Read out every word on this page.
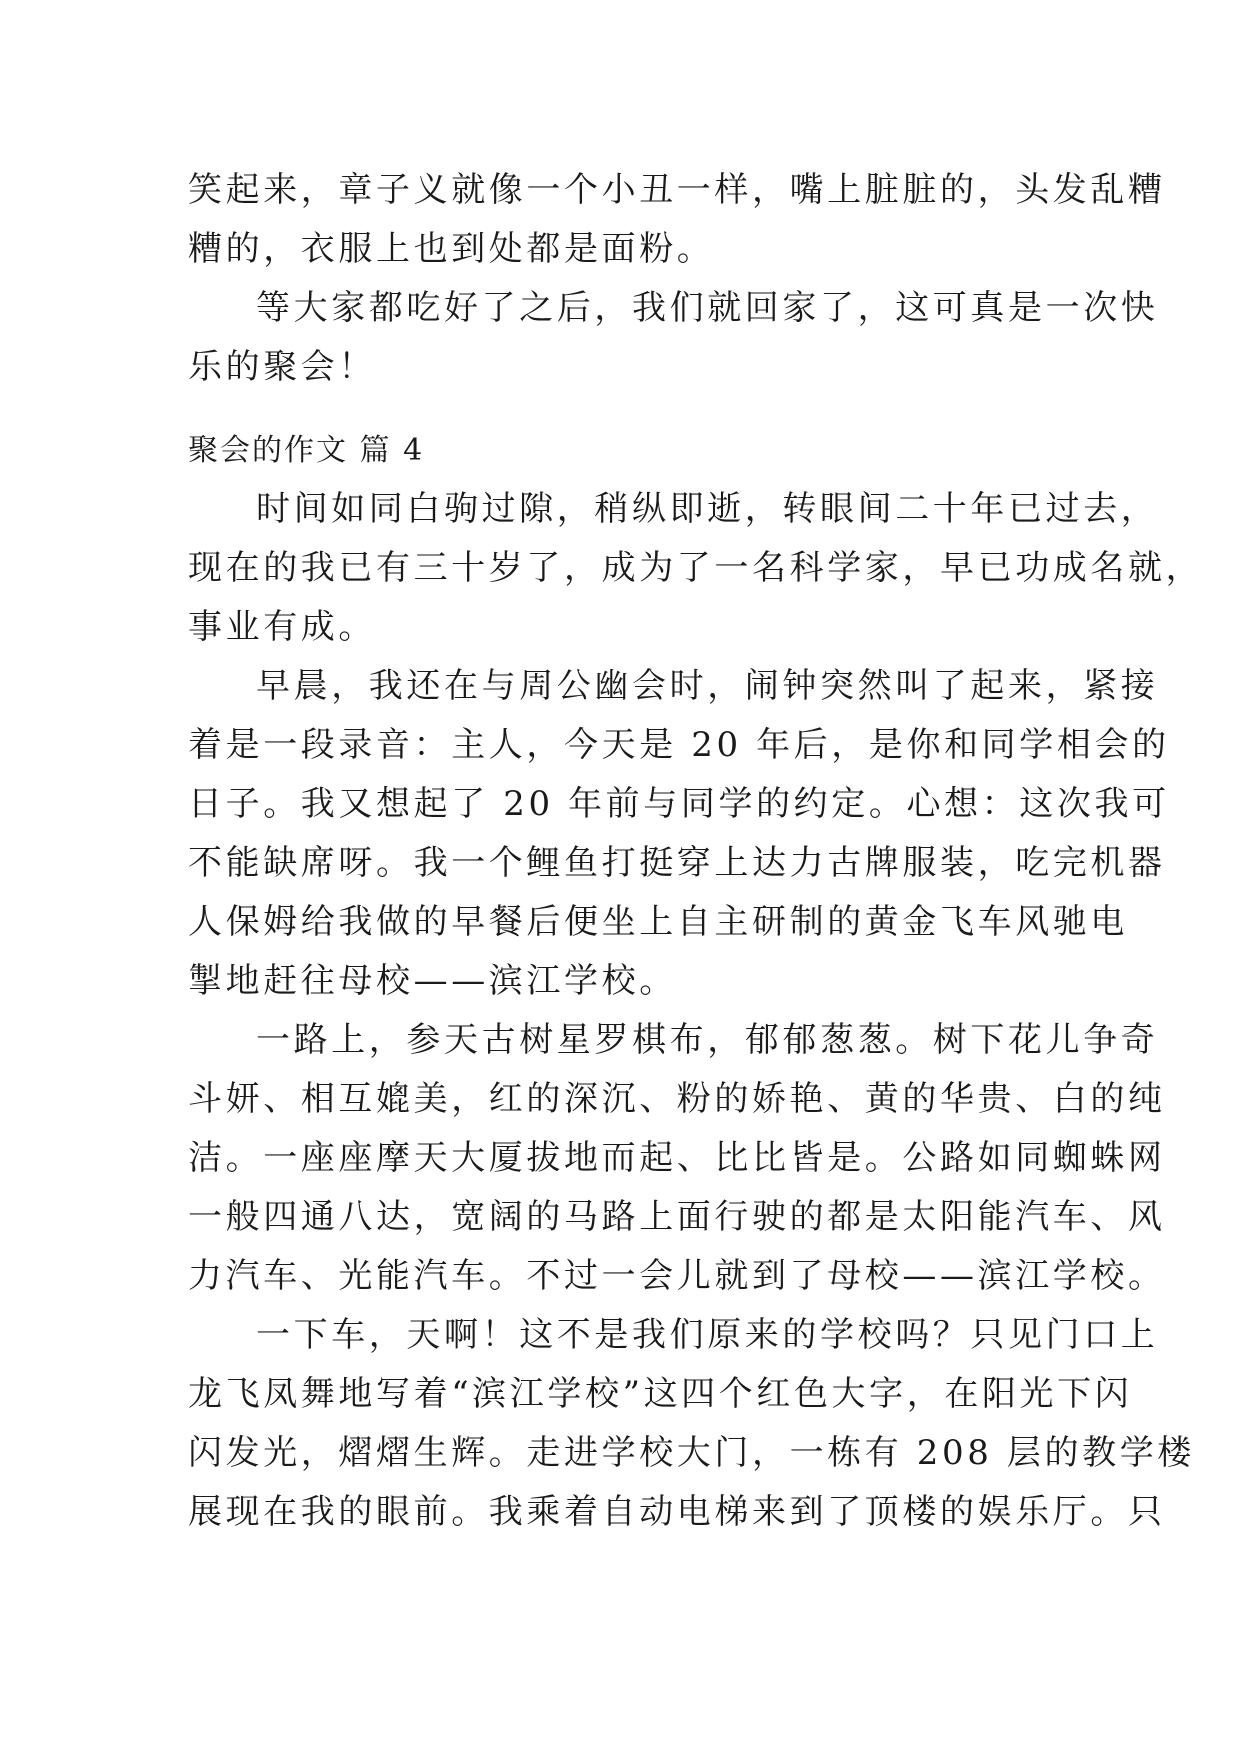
笑起来，章子义就像一个小丑一样，嘴上脏脏的，头发乱糟
糟的，衣服上也到处都是面粉。
等大家都吃好了之后，我们就回家了，这可真是一次快
乐的聚会！
聚会的作文 篇 4
时间如同白驹过隙，稍纵即逝，转眼间二十年已过去，
现在的我已有三十岁了，成为了一名科学家，早已功成名就，
事业有成。
早晨，我还在与周公幽会时，闹钟突然叫了起来，紧接
着是一段录音：主人，今天是 20 年后，是你和同学相会的
日子。我又想起了 20 年前与同学的约定。心想：这次我可
不能缺席呀。我一个鲤鱼打挺穿上达力古牌服装，吃完机器
人保姆给我做的早餐后便坐上自主研制的黄金飞车风驰电
掣地赶往母校——滨江学校。
一路上，参天古树星罗棋布，郁郁葱葱。树下花儿争奇
斗妍、相互媲美，红的深沉、粉的娇艳、黄的华贵、白的纯
洁。一座座摩天大厦拔地而起、比比皆是。公路如同蜘蛛网
一般四通八达，宽阔的马路上面行驶的都是太阳能汽车、风
力汽车、光能汽车。不过一会儿就到了母校——滨江学校。
一下车，天啊！这不是我们原来的学校吗？只见门口上
龙飞凤舞地写着“滨江学校”这四个红色大字，在阳光下闪
闪发光，熠熠生辉。走进学校大门，一栋有 208 层的教学楼
展现在我的眼前。我乘着自动电梯来到了顶楼的娱乐厅。只
